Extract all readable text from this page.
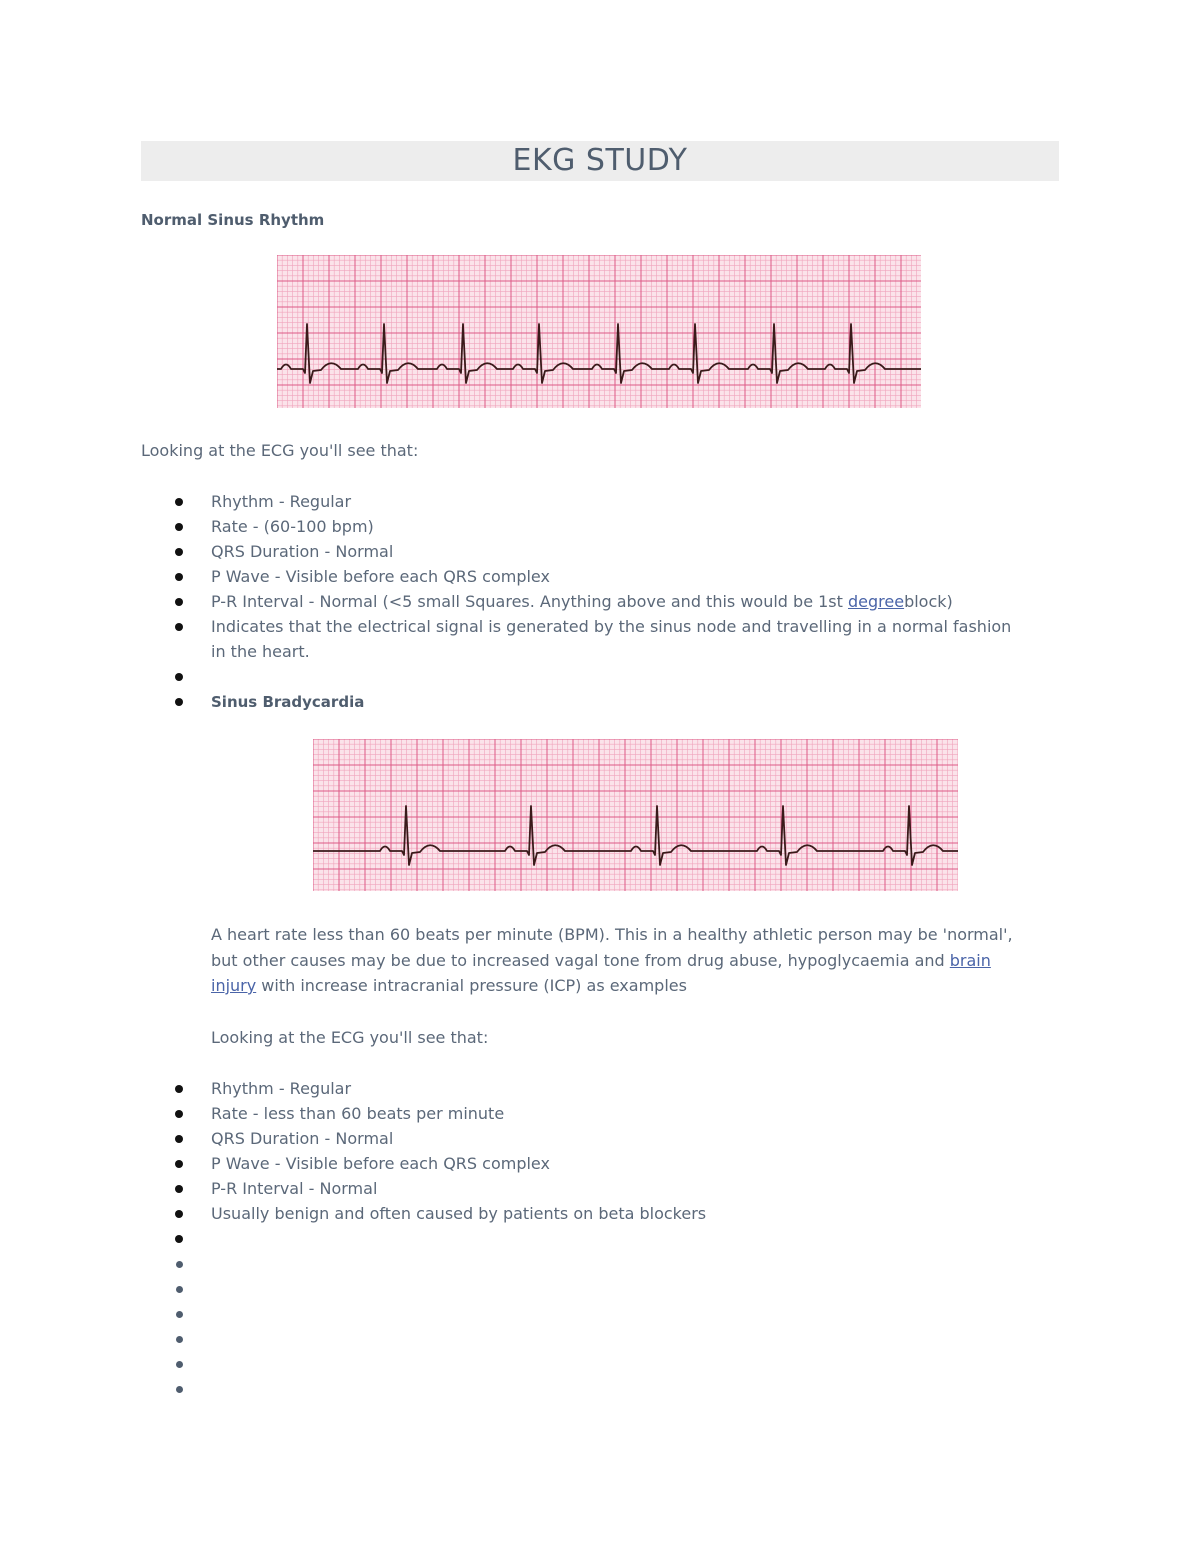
EKG STUDY
Normal Sinus Rhythm

Looking at the ECG you'll see that:

Rhythm - Regular
Rate - (60-100 bpm)
QRS Duration - Normal
P Wave - Visible before each QRS complex
P-R Interval - Normal (<5 small Squares. Anything above and this would be 1st degreeblock)
Indicates that the electrical signal is generated by the sinus node and travelling in a normal fashion
in the heart.
Sinus Bradycardia

A heart rate less than 60 beats per minute (BPM). This in a healthy athletic person may be 'normal',
but other causes may be due to increased vagal tone from drug abuse, hypoglycaemia and brain
injury with increase intracranial pressure (ICP) as examples

Looking at the ECG you'll see that:

Rhythm - Regular
Rate - less than 60 beats per minute
QRS Duration - Normal
P Wave - Visible before each QRS complex
P-R Interval - Normal
Usually benign and often caused by patients on beta blockers
